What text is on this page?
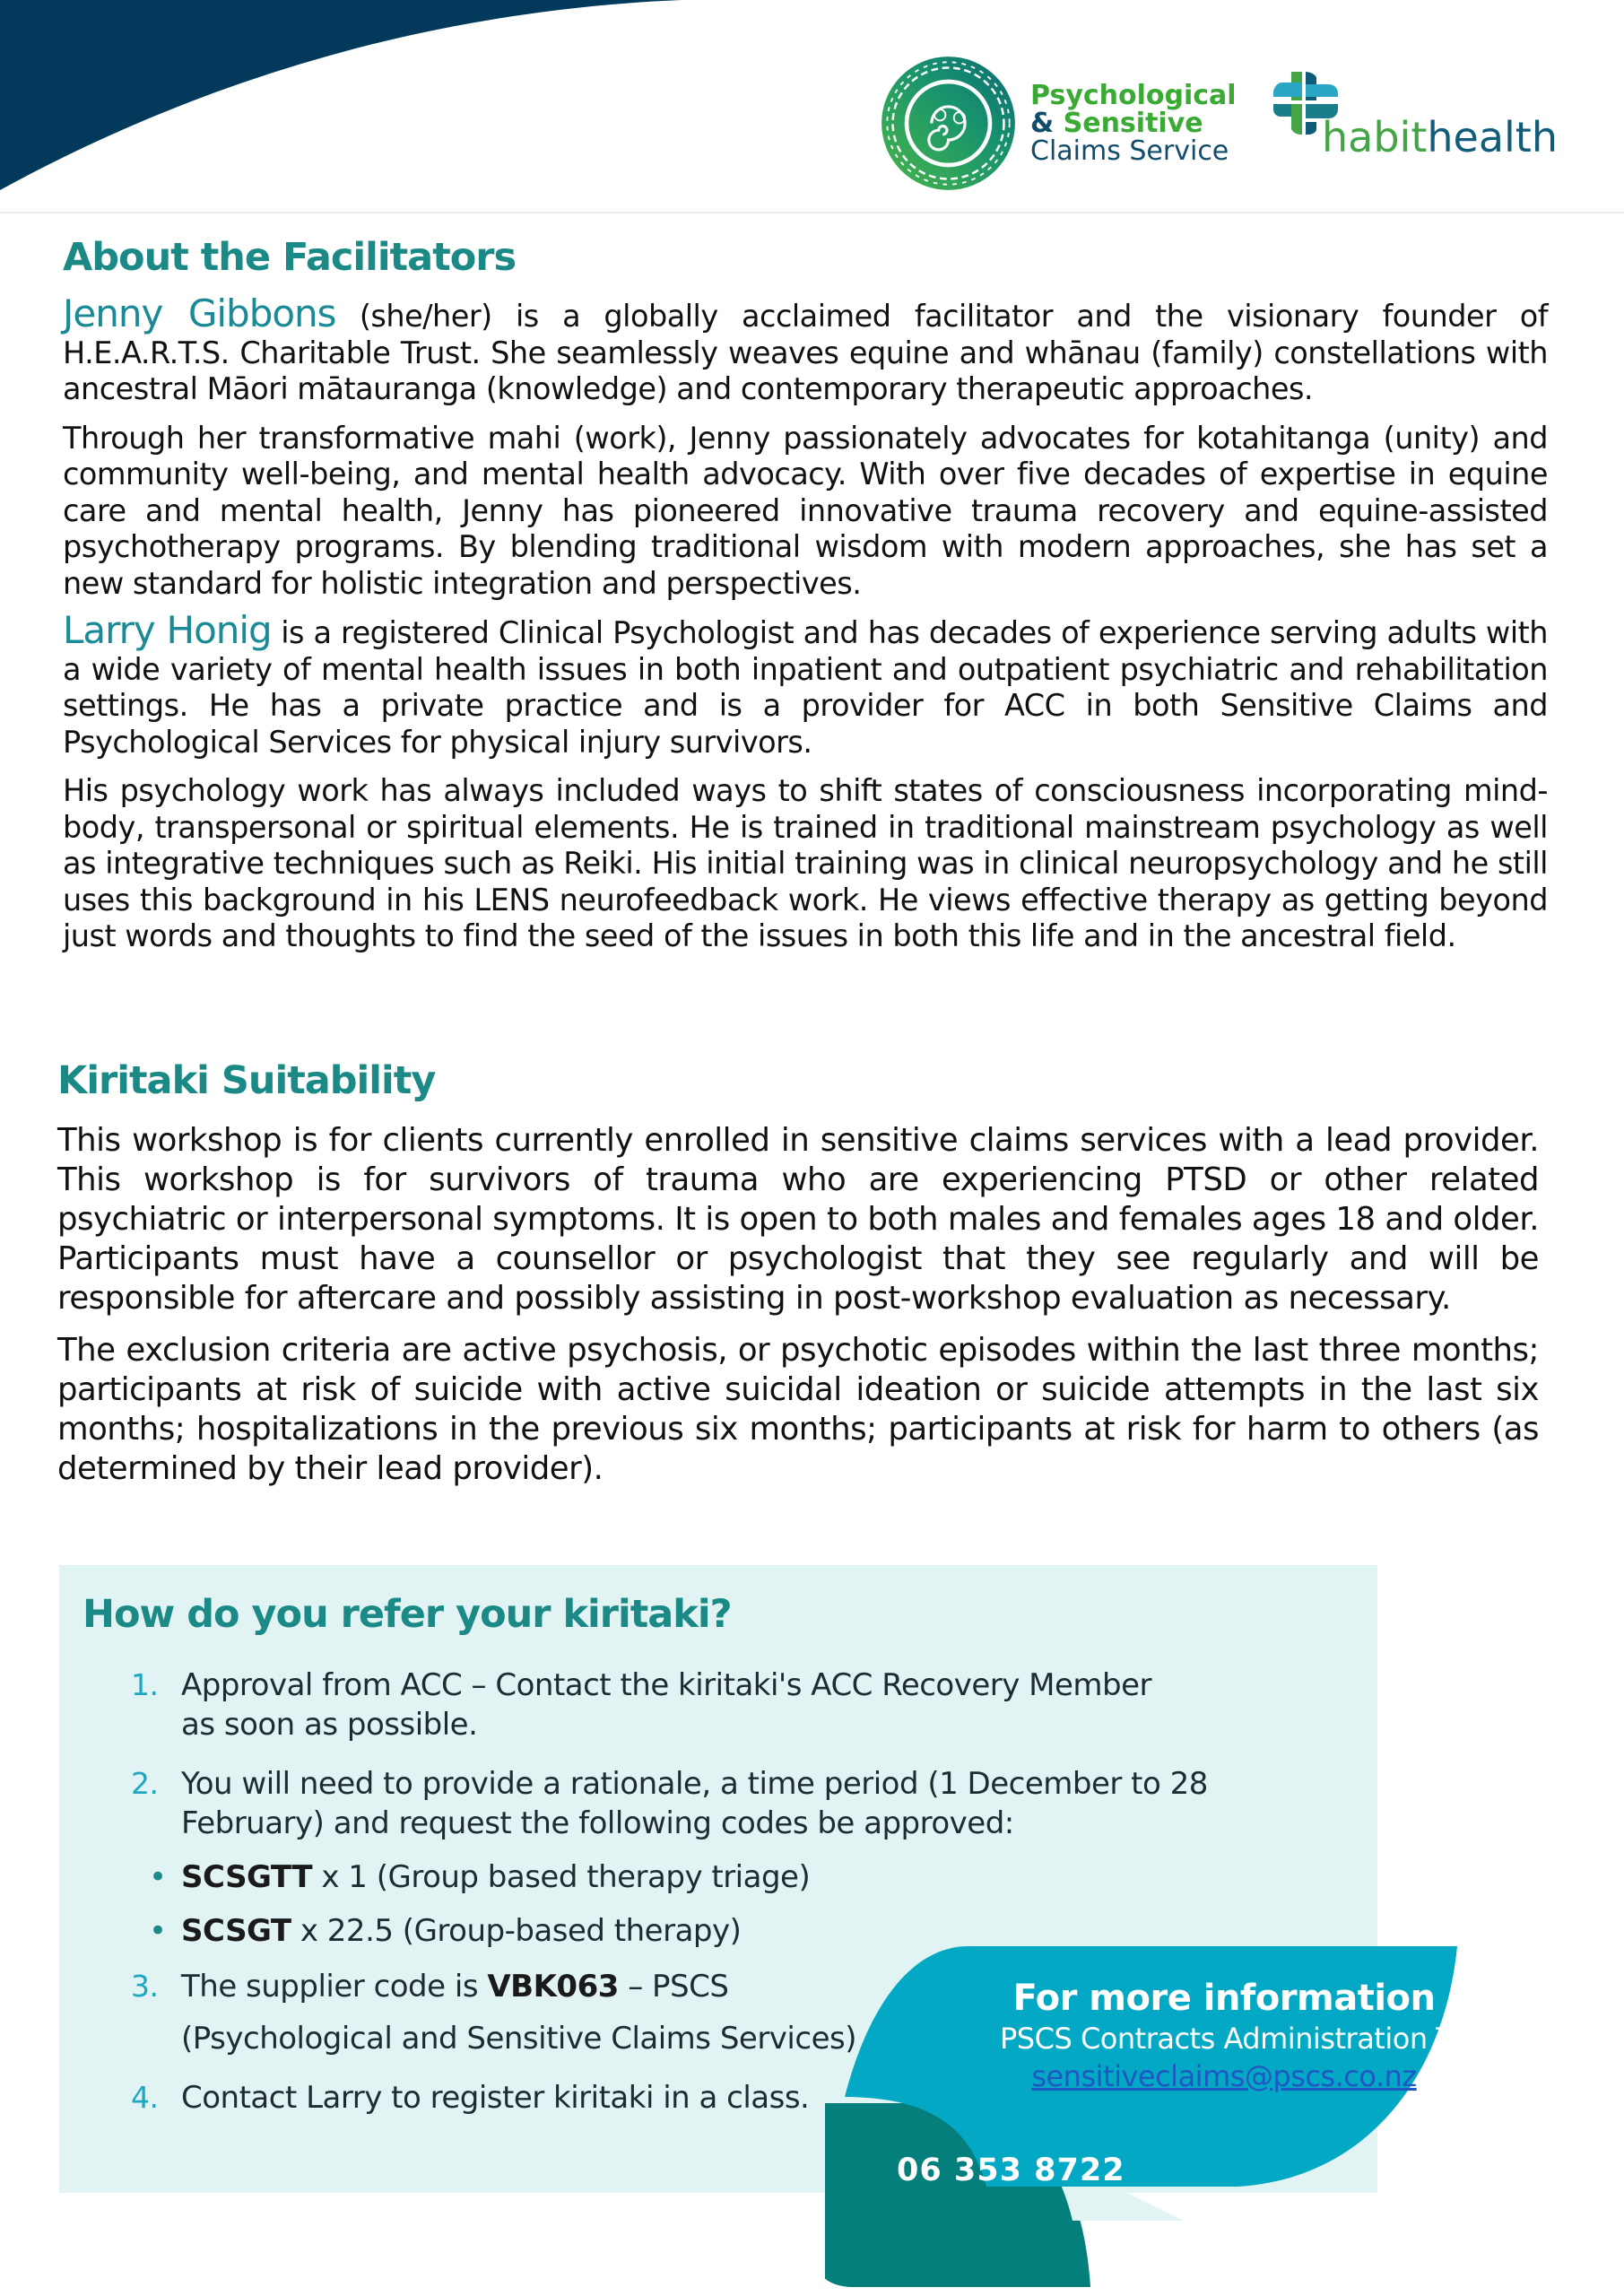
Psychological
& Sensitive
Claims Service habithealth
About the Facilitators

Jenny Gibbons (she/her) is a globally acclaimed facilitator and the visionary founder of H.E.A.R.T.S. Charitable Trust. She seamlessly weaves equine and whānau (family) constellations with ancestral Māori mātauranga (knowledge) and contemporary therapeutic approaches.

Through her transformative mahi (work), Jenny passionately advocates for kotahitanga (unity) and community well-being, and mental health advocacy. With over five decades of expertise in equine care and mental health, Jenny has pioneered innovative trauma recovery and equine-assisted psychotherapy programs. By blending traditional wisdom with modern approaches, she has set a new standard for holistic integration and perspectives.

Larry Honig is a registered Clinical Psychologist and has decades of experience serving adults with a wide variety of mental health issues in both inpatient and outpatient psychiatric and rehabilitation settings. He has a private practice and is a provider for ACC in both Sensitive Claims and Psychological Services for physical injury survivors.

His psychology work has always included ways to shift states of consciousness incorporating mind-body, transpersonal or spiritual elements. He is trained in traditional mainstream psychology as well as integrative techniques such as Reiki. His initial training was in clinical neuropsychology and he still uses this background in his LENS neurofeedback work. He views effective therapy as getting beyond just words and thoughts to find the seed of the issues in both this life and in the ancestral field.

Kiritaki Suitability

This workshop is for clients currently enrolled in sensitive claims services with a lead provider. This workshop is for survivors of trauma who are experiencing PTSD or other related psychiatric or interpersonal symptoms. It is open to both males and females ages 18 and older. Participants must have a counsellor or psychologist that they see regularly and will be responsible for aftercare and possibly assisting in post-workshop evaluation as necessary.

The exclusion criteria are active psychosis, or psychotic episodes within the last three months; participants at risk of suicide with active suicidal ideation or suicide attempts in the last six months; hospitalizations in the previous six months; participants at risk for harm to others (as determined by their lead provider).

How do you refer your kiritaki?
1. Approval from ACC – Contact the kiritaki's ACC Recovery Member as soon as possible.
2. You will need to provide a rationale, a time period (1 December to 28 February) and request the following codes be approved:
• SCSGTT x 1 (Group based therapy triage)
• SCSGT x 22.5 (Group-based therapy)
3. The supplier code is VBK063 – PSCS
(Psychological and Sensitive Claims Services)
4. Contact Larry to register kiritaki in a class.
For more information
PSCS Contracts Administration Team
sensitiveclaims@pscs.co.nz
06 353 8722
